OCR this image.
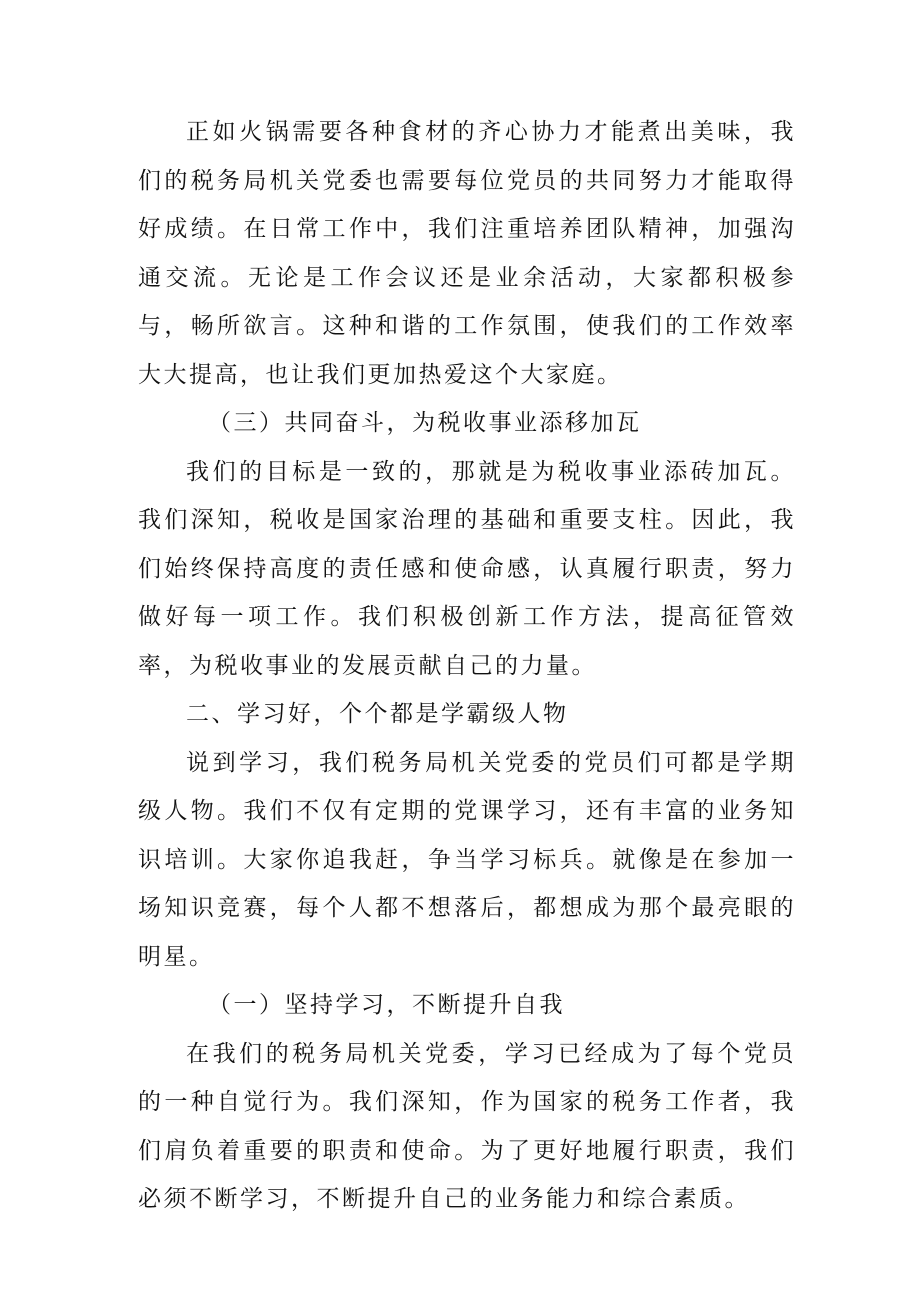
正如火锅需要各种食材的齐心协力才能煮出美味，我们的税务局机关党委也需要每位党员的共同努力才能取得好成绩。在日常工作中，我们注重培养团队精神，加强沟通交流。无论是工作会议还是业余活动，大家都积极参与，畅所欲言。这种和谐的工作氛围，使我们的工作效率大大提高，也让我们更加热爱这个大家庭。

（三）共同奋斗，为税收事业添移加瓦

我们的目标是一致的，那就是为税收事业添砖加瓦。我们深知，税收是国家治理的基础和重要支柱。因此，我们始终保持高度的责任感和使命感，认真履行职责，努力做好每一项工作。我们积极创新工作方法，提高征管效率，为税收事业的发展贡献自己的力量。

二、学习好，个个都是学霸级人物

说到学习，我们税务局机关党委的党员们可都是学期级人物。我们不仅有定期的党课学习，还有丰富的业务知识培训。大家你追我赶，争当学习标兵。就像是在参加一场知识竞赛，每个人都不想落后，都想成为那个最亮眼的明星。

（一）坚持学习，不断提升自我

在我们的税务局机关党委，学习已经成为了每个党员的一种自觉行为。我们深知，作为国家的税务工作者，我们肩负着重要的职责和使命。为了更好地履行职责，我们必须不断学习，不断提升自己的业务能力和综合素质。
